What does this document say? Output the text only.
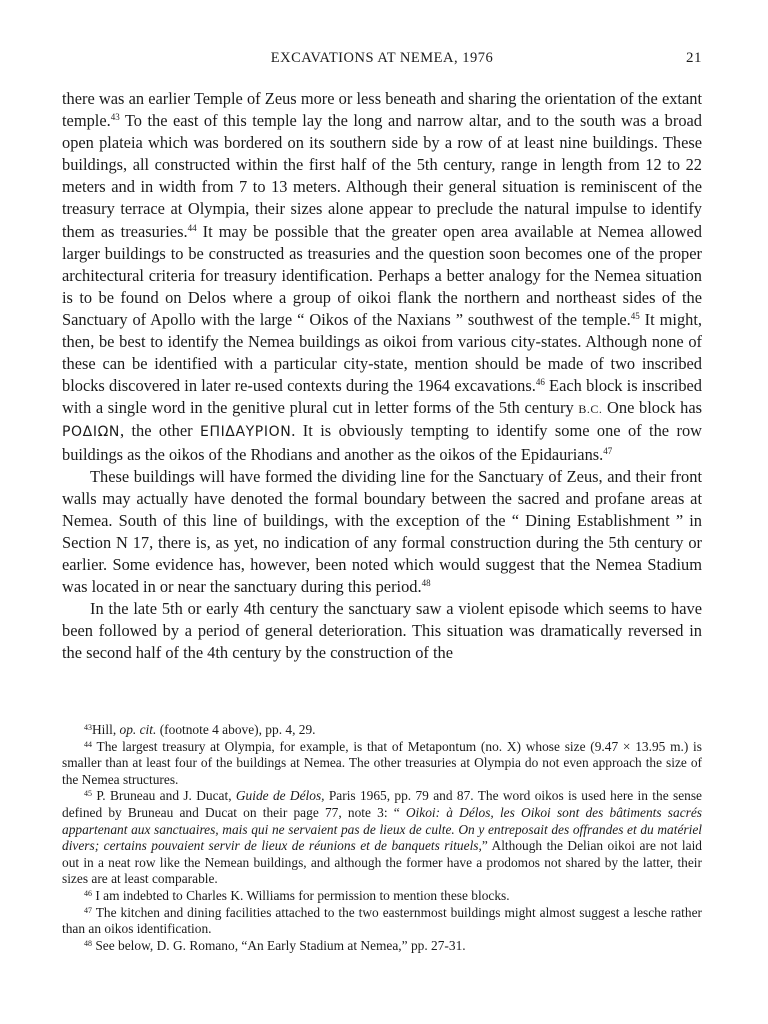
EXCAVATIONS AT NEMEA, 1976	21

there was an earlier Temple of Zeus more or less beneath and sharing the orientation of the extant temple.$^{43}$ To the east of this temple lay the long and narrow altar, and to the south was a broad open plateia which was bordered on its southern side by a row of at least nine buildings. These buildings, all constructed within the first half of the 5th century, range in length from 12 to 22 meters and in width from 7 to 13 meters. Although their general situation is reminiscent of the treasury terrace at Olympia, their sizes alone appear to preclude the natural impulse to identify them as treasuries.$^{44}$ It may be possible that the greater open area available at Nemea allowed larger buildings to be constructed as treasuries and the question soon becomes one of the proper architectural criteria for treasury identification. Perhaps a better analogy for the Nemea situation is to be found on Delos where a group of oikoi flank the northern and northeast sides of the Sanctuary of Apollo with the large “ Oikos of the Naxians ” southwest of the temple.$^{45}$ It might, then, be best to identify the Nemea buildings as oikoi from various city-states. Although none of these can be identified with a particular city-state, mention should be made of two inscribed blocks discovered in later re-used contexts during the 1964 excavations.$^{46}$ Each block is inscribed with a single word in the genitive plural cut in letter forms of the 5th century B.C. One block has ΡΟΔΙΩΝ, the other ΕΠΙΔΑΥΡΙΟΝ. It is obviously tempting to identify some one of the row buildings as the oikos of the Rhodians and another as the oikos of the Epidaurians.$^{47}$

These buildings will have formed the dividing line for the Sanctuary of Zeus, and their front walls may actually have denoted the formal boundary between the sacred and profane areas at Nemea. South of this line of buildings, with the exception of the “ Dining Establishment ” in Section N 17, there is, as yet, no indication of any formal construction during the 5th century or earlier. Some evidence has, however, been noted which would suggest that the Nemea Stadium was located in or near the sanctuary during this period.$^{48}$

In the late 5th or early 4th century the sanctuary saw a violent episode which seems to have been followed by a period of general deterioration. This situation was dramatically reversed in the second half of the 4th century by the construction of the

$^{43}$Hill, op. cit. (footnote 4 above), pp. 4, 29.

$^{44}$ The largest treasury at Olympia, for example, is that of Metapontum (no. X) whose size (9.47 × 13.95 m.) is smaller than at least four of the buildings at Nemea. The other treasuries at Olympia do not even approach the size of the Nemea structures.

$^{45}$ P. Bruneau and J. Ducat, Guide de Délos, Paris 1965, pp. 79 and 87. The word oikos is used here in the sense defined by Bruneau and Ducat on their page 77, note 3: “ Oikoi: à Délos, les Oikoi sont des bâtiments sacrés appartenant aux sanctuaires, mais qui ne servaient pas de lieux de culte. On y entreposait des offrandes et du matériel divers; certains pouvaient servir de lieux de réunions et de banquets rituels,” Although the Delian oikoi are not laid out in a neat row like the Nemean buildings, and although the former have a prodomos not shared by the latter, their sizes are at least comparable.

$^{46}$ I am indebted to Charles K. Williams for permission to mention these blocks.

$^{47}$ The kitchen and dining facilities attached to the two easternmost buildings might almost suggest a lesche rather than an oikos identification.

$^{48}$ See below, D. G. Romano, “An Early Stadium at Nemea,” pp. 27-31.
